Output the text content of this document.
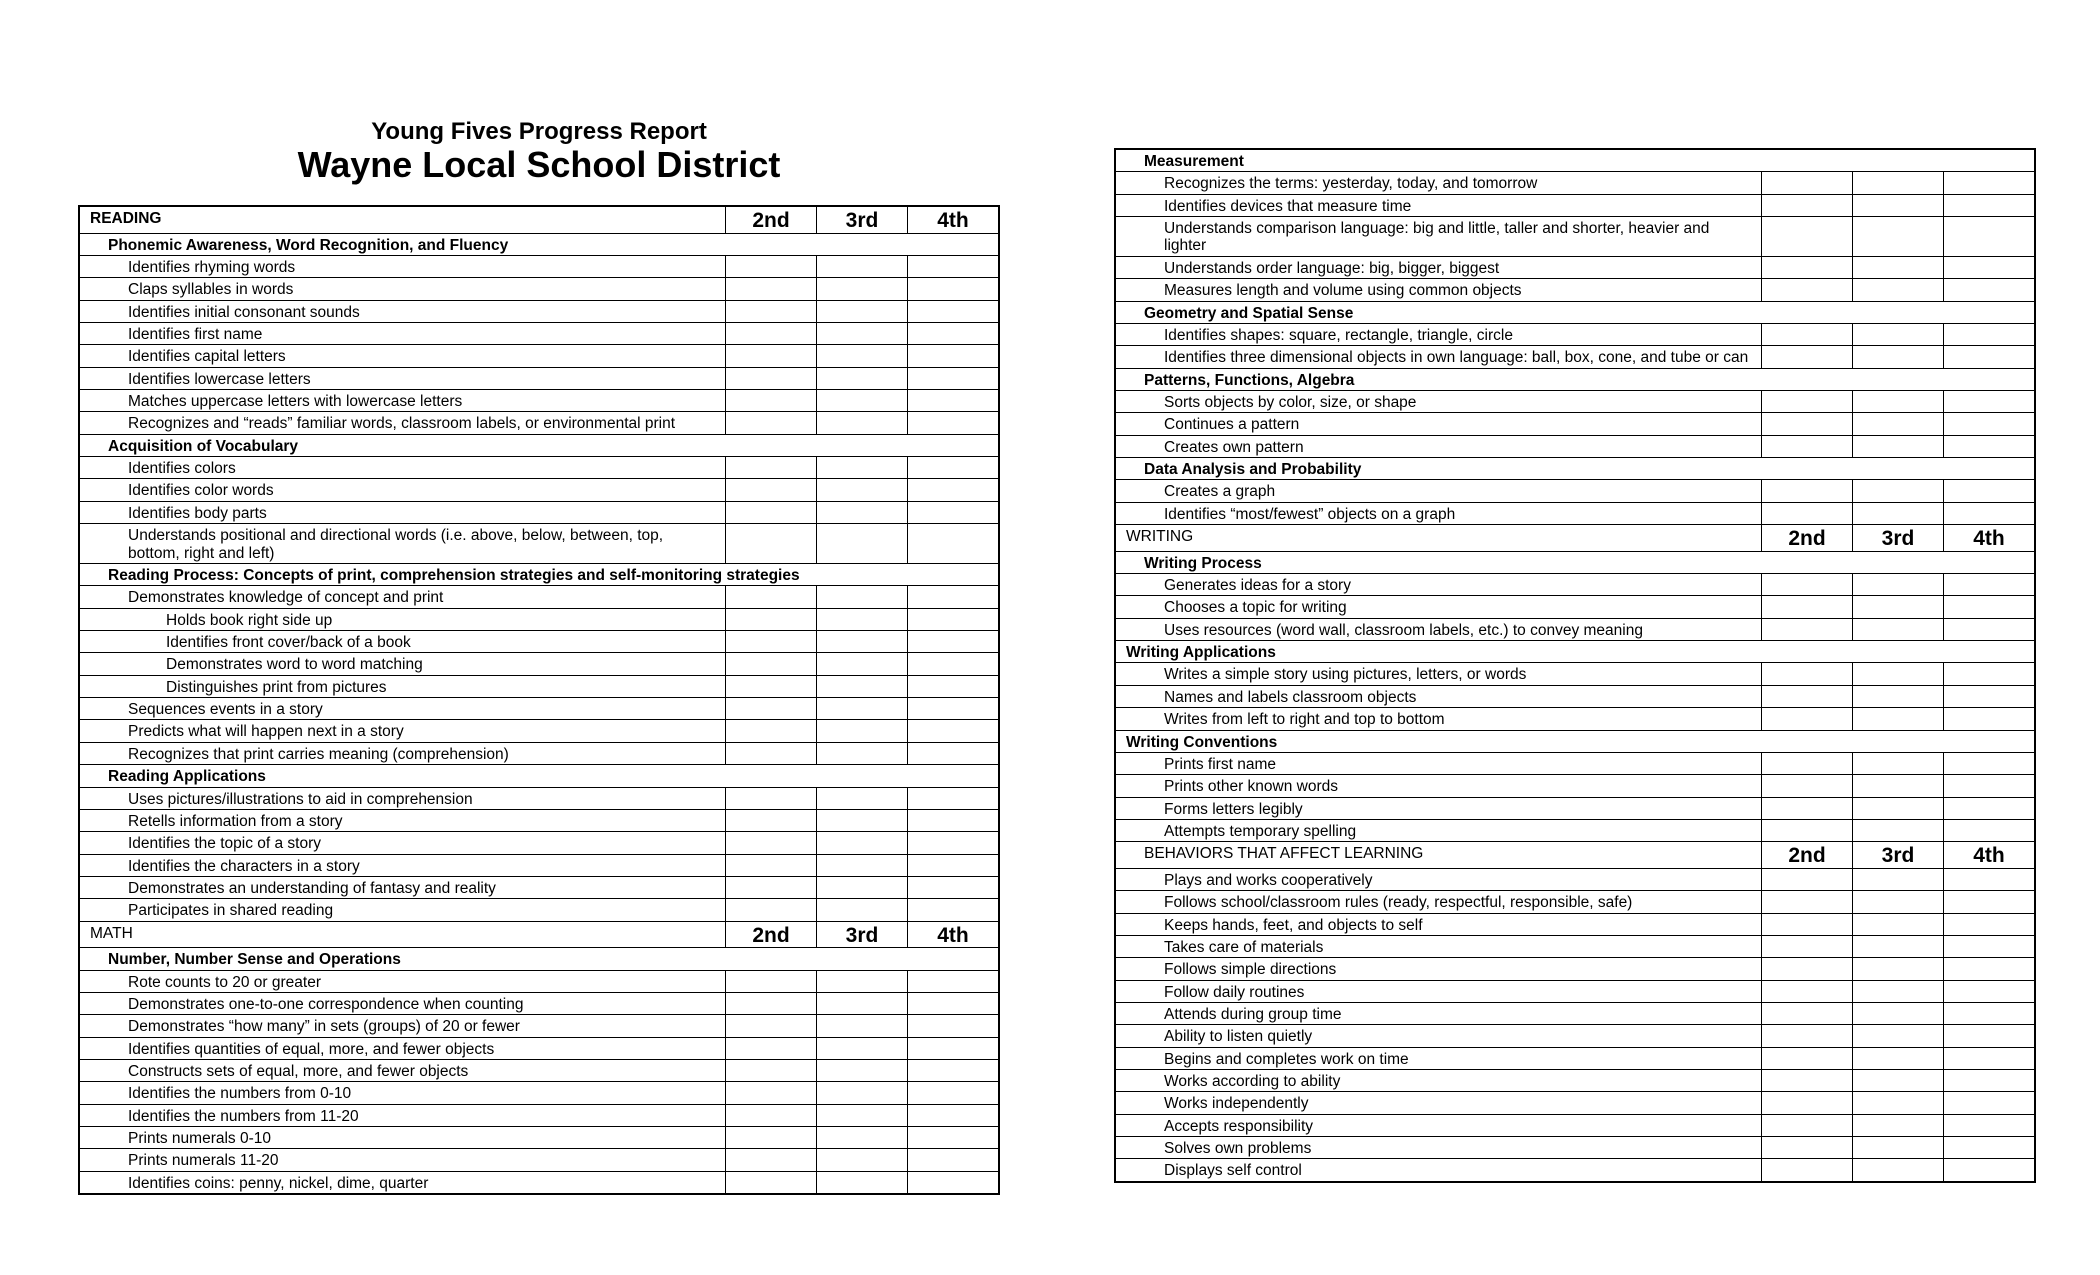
Young Fives Progress Report
Wayne Local School District
READING	2nd	3rd	4th
Phonemic Awareness, Word Recognition, and Fluency
Identifies rhyming words
Claps syllables in words
Identifies initial consonant sounds
Identifies first name
Identifies capital letters
Identifies lowercase letters
Matches uppercase letters with lowercase letters
Recognizes and “reads” familiar words, classroom labels, or environmental print
Acquisition of Vocabulary
Identifies colors
Identifies color words
Identifies body parts
Understands positional and directional words (i.e. above, below, between, top, bottom, right and left)
Reading Process: Concepts of print, comprehension strategies and self-monitoring strategies
Demonstrates knowledge of concept and print
Holds book right side up
Identifies front cover/back of a book
Demonstrates word to word matching
Distinguishes print from pictures
Sequences events in a story
Predicts what will happen next in a story
Recognizes that print carries meaning (comprehension)
Reading Applications
Uses pictures/illustrations to aid in comprehension
Retells information from a story
Identifies the topic of a story
Identifies the characters in a story
Demonstrates an understanding of fantasy and reality
Participates in shared reading
MATH	2nd	3rd	4th
Number, Number Sense and Operations
Rote counts to 20 or greater
Demonstrates one-to-one correspondence when counting
Demonstrates “how many” in sets (groups) of 20 or fewer
Identifies quantities of equal, more, and fewer objects
Constructs sets of equal, more, and fewer objects
Identifies the numbers from 0-10
Identifies the numbers from 11-20
Prints numerals 0-10
Prints numerals 11-20
Identifies coins: penny, nickel, dime, quarter
Measurement
Recognizes the terms: yesterday, today, and tomorrow
Identifies devices that measure time
Understands comparison language: big and little, taller and shorter, heavier and lighter
Understands order language: big, bigger, biggest
Measures length and volume using common objects
Geometry and Spatial Sense
Identifies shapes: square, rectangle, triangle, circle
Identifies three dimensional objects in own language: ball, box, cone, and tube or can
Patterns, Functions, Algebra
Sorts objects by color, size, or shape
Continues a pattern
Creates own pattern
Data Analysis and Probability
Creates a graph
Identifies “most/fewest” objects on a graph
WRITING	2nd	3rd	4th
Writing Process
Generates ideas for a story
Chooses a topic for writing
Uses resources (word wall, classroom labels, etc.) to convey meaning
Writing Applications
Writes a simple story using pictures, letters, or words
Names and labels classroom objects
Writes from left to right and top to bottom
Writing Conventions
Prints first name
Prints other known words
Forms letters legibly
Attempts temporary spelling
BEHAVIORS THAT AFFECT LEARNING	2nd	3rd	4th
Plays and works cooperatively
Follows school/classroom rules (ready, respectful, responsible, safe)
Keeps hands, feet, and objects to self
Takes care of materials
Follows simple directions
Follow daily routines
Attends during group time
Ability to listen quietly
Begins and completes work on time
Works according to ability
Works independently
Accepts responsibility
Solves own problems
Displays self control
